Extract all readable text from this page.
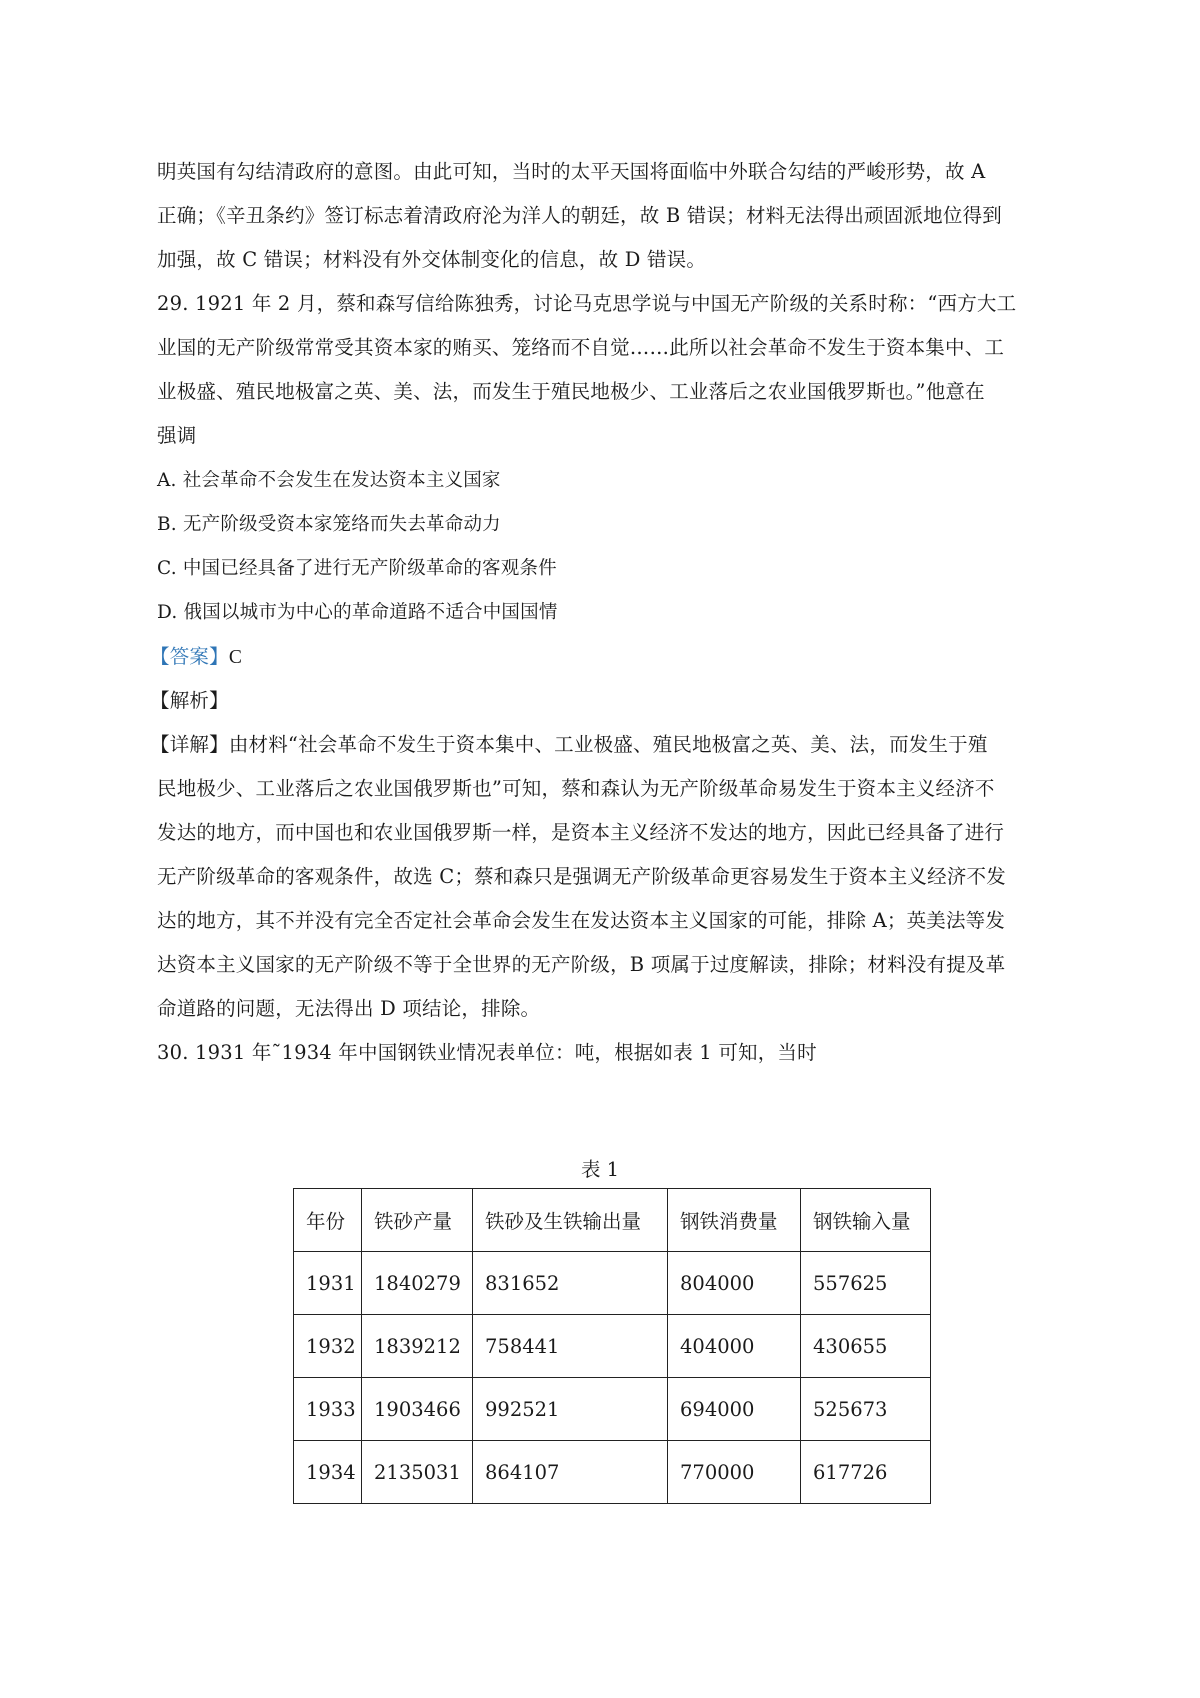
明英国有勾结清政府的意图。由此可知，当时的太平天国将面临中外联合勾结的严峻形势，故 A
正确；《辛丑条约》签订标志着清政府沦为洋人的朝廷，故 B 错误；材料无法得出顽固派地位得到
加强，故 C 错误；材料没有外交体制变化的信息，故 D 错误。
29. 1921 年 2 月，蔡和森写信给陈独秀，讨论马克思学说与中国无产阶级的关系时称：“西方大工
业国的无产阶级常常受其资本家的贿买、笼络而不自觉……此所以社会革命不发生于资本集中、工
业极盛、殖民地极富之英、美、法，而发生于殖民地极少、工业落后之农业国俄罗斯也。”他意在
强调
A. 社会革命不会发生在发达资本主义国家
B. 无产阶级受资本家笼络而失去革命动力
C. 中国已经具备了进行无产阶级革命的客观条件
D. 俄国以城市为中心的革命道路不适合中国国情
【答案】C
【解析】
【详解】由材料“社会革命不发生于资本集中、工业极盛、殖民地极富之英、美、法，而发生于殖
民地极少、工业落后之农业国俄罗斯也”可知，蔡和森认为无产阶级革命易发生于资本主义经济不
发达的地方，而中国也和农业国俄罗斯一样，是资本主义经济不发达的地方，因此已经具备了进行
无产阶级革命的客观条件，故选 C；蔡和森只是强调无产阶级革命更容易发生于资本主义经济不发
达的地方，其不并没有完全否定社会革命会发生在发达资本主义国家的可能，排除 A；英美法等发
达资本主义国家的无产阶级不等于全世界的无产阶级，B 项属于过度解读，排除；材料没有提及革
命道路的问题，无法得出 D 项结论，排除。
30. 1931 年˜1934 年中国钢铁业情况表单位：吨，根据如表 1 可知，当时
表 1
年份	铁砂产量	铁砂及生铁输出量	钢铁消费量	钢铁输入量
1931	1840279	831652	804000	557625
1932	1839212	758441	404000	430655
1933	1903466	992521	694000	525673
1934	2135031	864107	770000	617726
